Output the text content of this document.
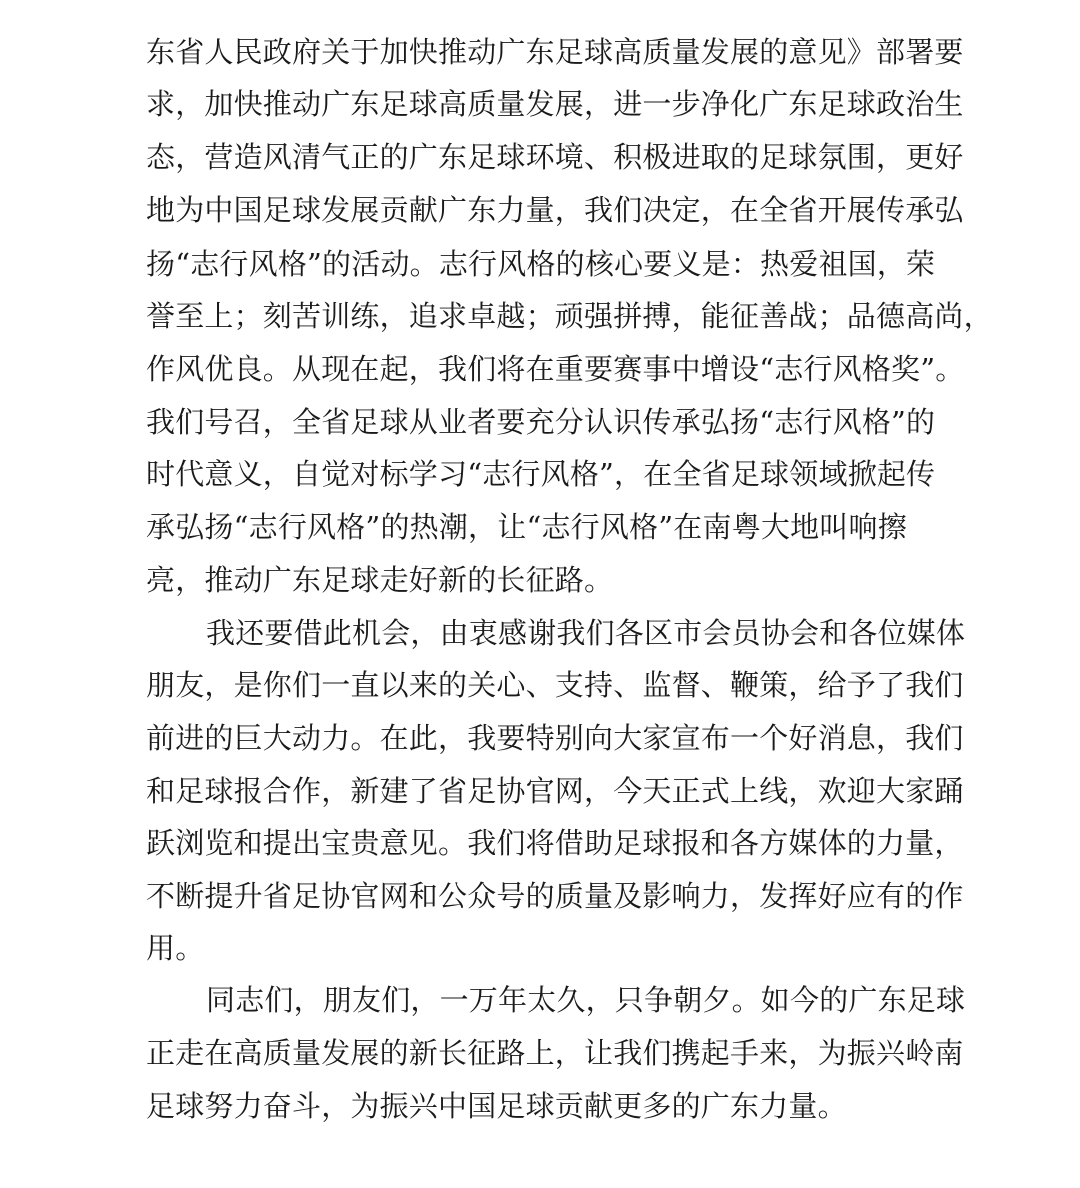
东省人民政府关于加快推动广东足球高质量发展的意见》部署要
求，加快推动广东足球高质量发展，进一步净化广东足球政治生
态，营造风清气正的广东足球环境、积极进取的足球氛围，更好
地为中国足球发展贡献广东力量，我们决定，在全省开展传承弘
扬“志行风格”的活动。志行风格的核心要义是：热爱祖国，荣
誉至上；刻苦训练，追求卓越；顽强拼搏，能征善战；品德高尚，
作风优良。从现在起，我们将在重要赛事中增设“志行风格奖”。
我们号召，全省足球从业者要充分认识传承弘扬“志行风格”的
时代意义，自觉对标学习“志行风格”，在全省足球领域掀起传
承弘扬“志行风格”的热潮，让“志行风格”在南粤大地叫响擦
亮，推动广东足球走好新的长征路。
我还要借此机会，由衷感谢我们各区市会员协会和各位媒体
朋友，是你们一直以来的关心、支持、监督、鞭策，给予了我们
前进的巨大动力。在此，我要特别向大家宣布一个好消息，我们
和足球报合作，新建了省足协官网，今天正式上线，欢迎大家踊
跃浏览和提出宝贵意见。我们将借助足球报和各方媒体的力量，
不断提升省足协官网和公众号的质量及影响力，发挥好应有的作
用。
同志们，朋友们，一万年太久，只争朝夕。如今的广东足球
正走在高质量发展的新长征路上，让我们携起手来，为振兴岭南
足球努力奋斗，为振兴中国足球贡献更多的广东力量。
